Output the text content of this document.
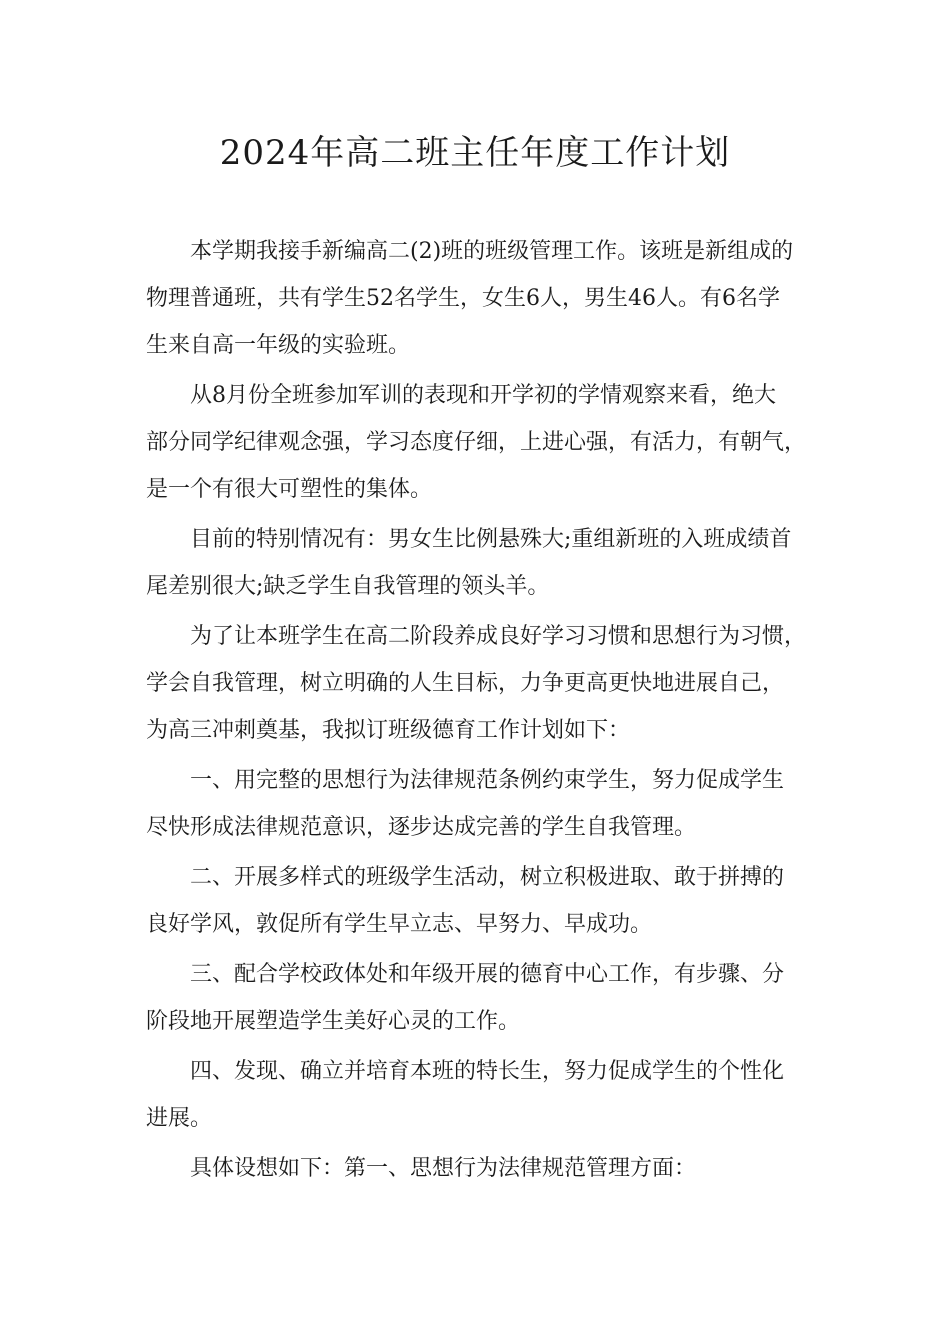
2024年高二班主任年度工作计划

本学期我接手新编高二(2)班的班级管理工作。该班是新组成的
物理普通班，共有学生52名学生，女生6人，男生46人。有6名学
生来自高一年级的实验班。

从8月份全班参加军训的表现和开学初的学情观察来看，绝大
部分同学纪律观念强，学习态度仔细，上进心强，有活力，有朝气，
是一个有很大可塑性的集体。

目前的特别情况有：男女生比例悬殊大;重组新班的入班成绩首
尾差别很大;缺乏学生自我管理的领头羊。

为了让本班学生在高二阶段养成良好学习习惯和思想行为习惯，
学会自我管理，树立明确的人生目标，力争更高更快地进展自己，
为高三冲刺奠基，我拟订班级德育工作计划如下：

一、用完整的思想行为法律规范条例约束学生，努力促成学生
尽快形成法律规范意识，逐步达成完善的学生自我管理。

二、开展多样式的班级学生活动，树立积极进取、敢于拼搏的
良好学风，敦促所有学生早立志、早努力、早成功。

三、配合学校政体处和年级开展的德育中心工作，有步骤、分
阶段地开展塑造学生美好心灵的工作。

四、发现、确立并培育本班的特长生，努力促成学生的个性化
进展。

具体设想如下：第一、思想行为法律规范管理方面：
